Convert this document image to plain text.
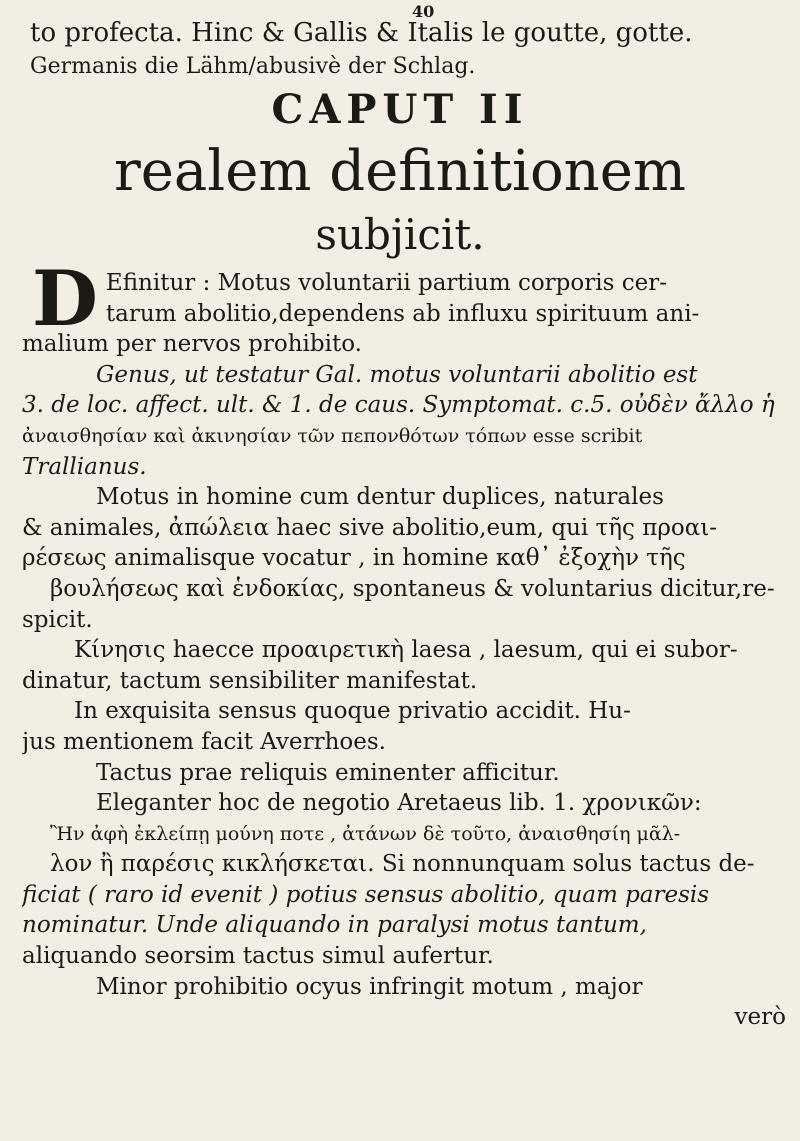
40
to profecta. Hinc & Gallis & Italis le goutte, gotte.
Germanis die Lähm/abusivè der Schlag.
CAPUT II
realem definitionem
subjicit.
D Efinitur : Motus voluntarii partium corporis cer-

tarum abolitio,dependens ab influxu spirituum ani-

malium per nervos prohibito.

Genus, ut testatur Gal. motus voluntarii abolitio est

3. de loc. affect. ult. & 1. de caus. Symptomat. c.5. οὐδὲν ἄλλο ἡ

ἀναισθησίαν καὶ ἀκινησίαν τῶν πεπονθότων τόπων esse scribit

Trallianus.

Motus in homine cum dentur duplices, naturales

& animales, ἀπώλεια haec sive abolitio,eum, qui τῆς προαι-

ρέσεως animalisque vocatur , in homine καθ᾽ ἐξοχὴν τῆς

βουλήσεως καὶ ἑνδοκίας, spontaneus & voluntarius dicitur,re-

spicit.

Κίνησις haecce προαιρετικὴ laesa , laesum, qui ei subor-

dinatur, tactum sensibiliter manifestat.

In exquisita sensus quoque privatio accidit. Hu-

jus mentionem facit Averrhoes.

Tactus prae reliquis eminenter afficitur.

Eleganter hoc de negotio Aretaeus lib. 1. χρονικῶν:

Ἢν ἀφὴ ἐκλείπῃ μούνη ποτε , ἀτάνων δὲ τοῦτο, ἀναισθησίη μᾶλ-

λον ἢ παρέσις κικλήσκεται. Si nonnunquam solus tactus de-

ficiat ( raro id evenit ) potius sensus abolitio, quam paresis

nominatur. Unde aliquando in paralysi motus tantum,

aliquando seorsim tactus simul aufertur.

Minor prohibitio ocyus infringit motum , major

verò
